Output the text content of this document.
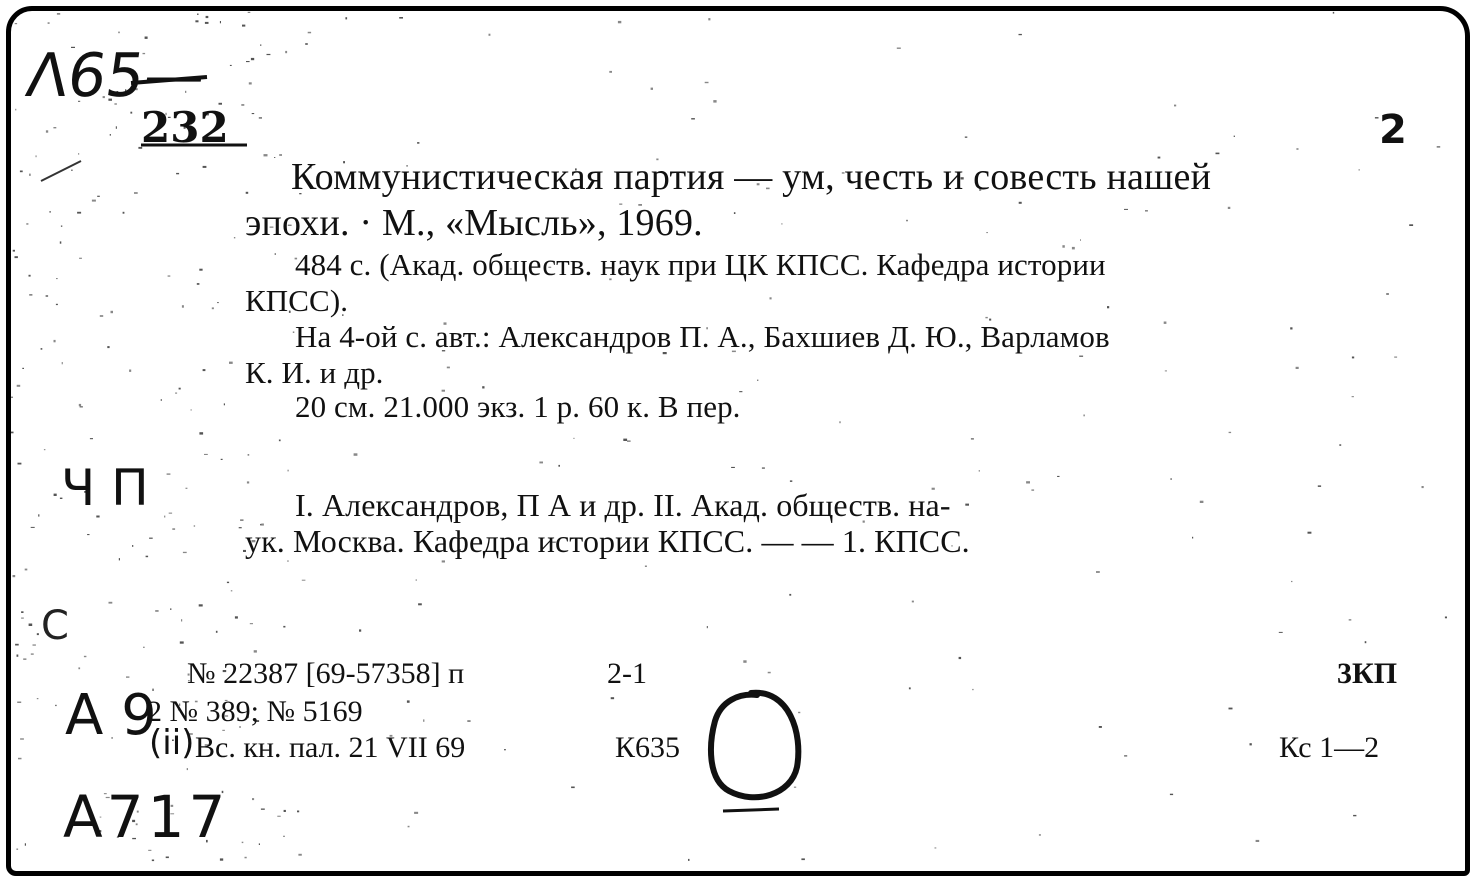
Λ65—
232
Ч П
С
А 9
(ii)
А717
2
Коммунистическая партия — ум, честь и совесть нашей
эпохи. · М., «Мысль», 1969.
484 с. (Акад. обществ. наук при ЦК КПСС. Кафедра истории
КПСС).
На 4-ой с. авт.: Александров П. А., Бахшиев Д. Ю., Варламов
К. И. и др.
20 см. 21.000 экз. 1 р. 60 к. В пер.
I. Александров, П А и др. II. Акад. обществ. на-
ук. Москва. Кафедра истории КПСС. — — 1. КПСС.
№ 22387 [69-57358] п	2-1	3КП
2 № 389; № 5169
Вс. кн. пал. 21 VII 69	К635	Кс 1—2
